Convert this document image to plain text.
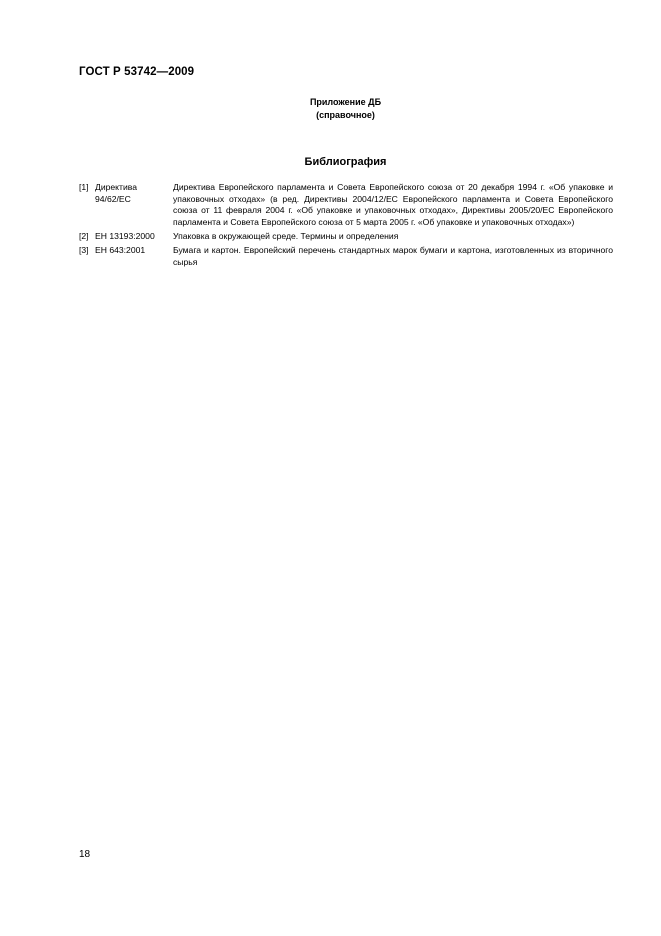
ГОСТ Р 53742—2009
Приложение ДБ
(справочное)
Библиография
[1] Директива
94/62/ЕС
Директива Европейского парламента и Совета Европейского союза от 20 декабря 1994 г. «Об упаковке и упаковочных отходах» (в ред. Директивы 2004/12/ЕС Европейского парламента и Совета Европейского союза от 11 февраля 2004 г. «Об упаковке и упаковочных отходах», Директивы 2005/20/ЕС Европейского парламента и Совета Европейского союза от 5 марта 2005 г. «Об упаковке и упаковочных отходах»)
[2] ЕН 13193:2000	Упаковка в окружающей среде. Термины и определения
[3] ЕН 643:2001	Бумага и картон. Европейский перечень стандартных марок бумаги и картона, изготовленных из вторичного сырья
18
